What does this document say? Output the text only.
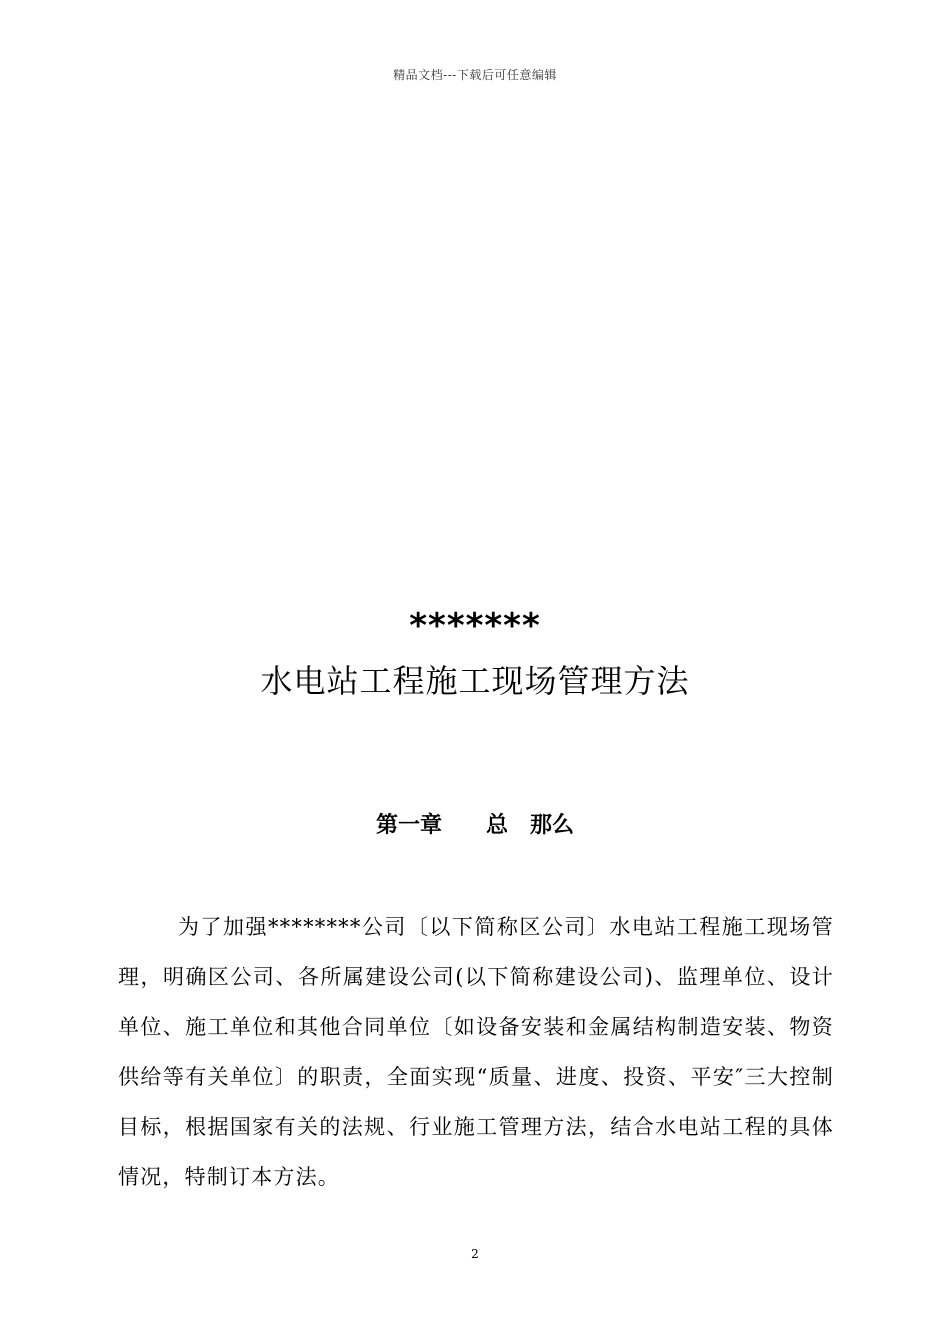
精品文档---下载后可任意编辑
*******
水电站工程施工现场管理方法
第一章　　总　那么
为了加强********公司〔以下简称区公司〕水电站工程施工现场管理，明确区公司、各所属建设公司(以下简称建设公司)、监理单位、设计单位、施工单位和其他合同单位〔如设备安装和金属结构制造安装、物资供给等有关单位〕的职责，全面实现“质量、进度、投资、平安″三大控制目标，根据国家有关的法规、行业施工管理方法，结合水电站工程的具体情况，特制订本方法。
2
